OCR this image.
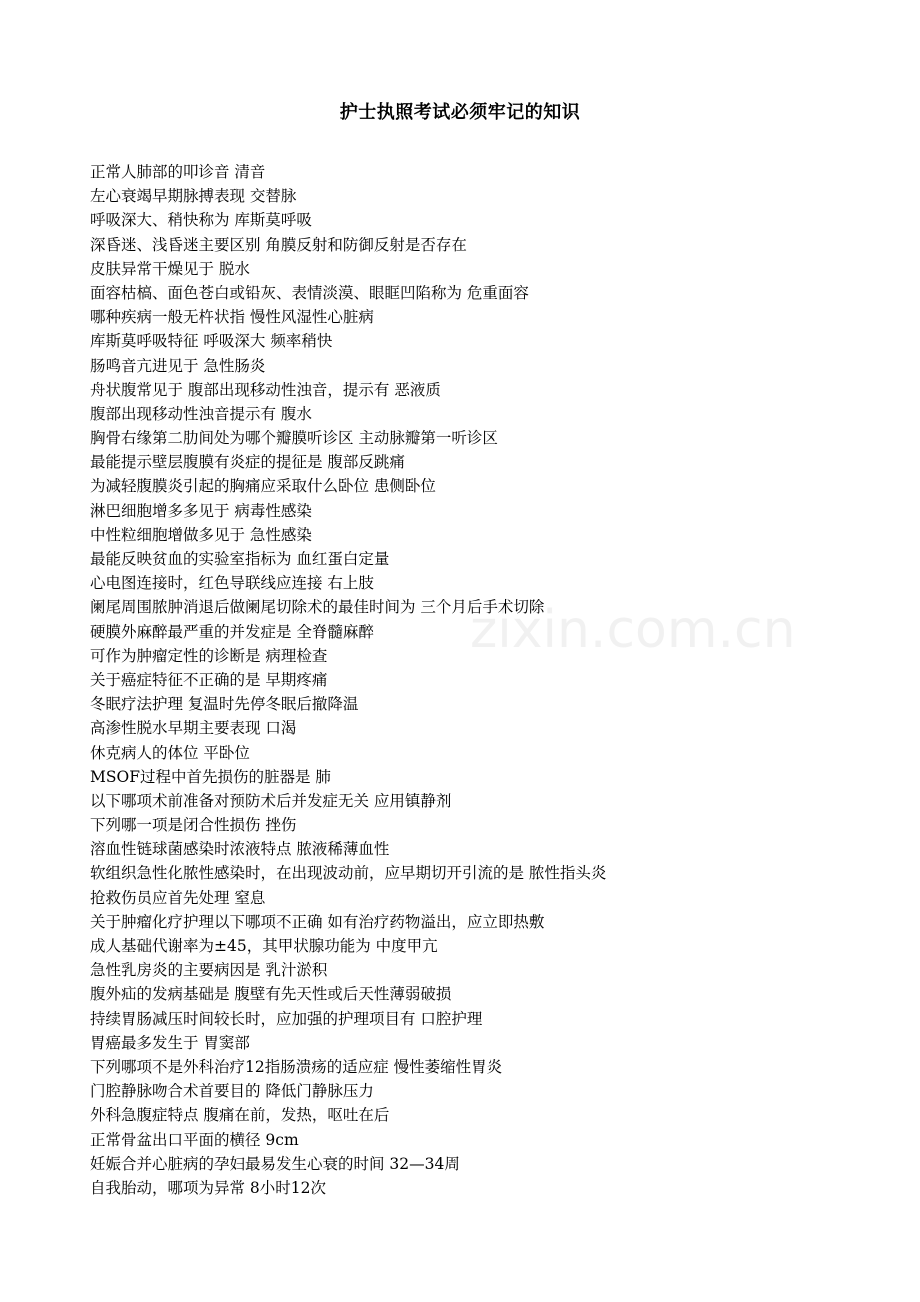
zixin.com.cn
护士执照考试必须牢记的知识
正常人肺部的叩诊音 清音
左心衰竭早期脉搏表现 交替脉
呼吸深大、稍快称为 库斯莫呼吸
深昏迷、浅昏迷主要区别 角膜反射和防御反射是否存在
皮肤异常干燥见于 脱水
面容枯槁、面色苍白或铅灰、表情淡漠、眼眶凹陷称为 危重面容
哪种疾病一般无杵状指 慢性风湿性心脏病
库斯莫呼吸特征 呼吸深大 频率稍快
肠鸣音亢进见于 急性肠炎
舟状腹常见于 腹部出现移动性浊音，提示有 恶液质
腹部出现移动性浊音提示有 腹水
胸骨右缘第二肋间处为哪个瓣膜听诊区 主动脉瓣第一听诊区
最能提示壁层腹膜有炎症的提征是 腹部反跳痛
为减轻腹膜炎引起的胸痛应采取什么卧位 患侧卧位
淋巴细胞增多多见于 病毒性感染
中性粒细胞增做多见于 急性感染
最能反映贫血的实验室指标为 血红蛋白定量
心电图连接时，红色导联线应连接 右上肢
阑尾周围脓肿消退后做阑尾切除术的最佳时间为 三个月后手术切除
硬膜外麻醉最严重的并发症是 全脊髓麻醉
可作为肿瘤定性的诊断是 病理检查
关于癌症特征不正确的是 早期疼痛
冬眠疗法护理 复温时先停冬眠后撤降温
高渗性脱水早期主要表现 口渴
休克病人的体位 平卧位
MSOF过程中首先损伤的脏器是 肺
以下哪项术前准备对预防术后并发症无关 应用镇静剂
下列哪一项是闭合性损伤 挫伤
溶血性链球菌感染时浓液特点 脓液稀薄血性
软组织急性化脓性感染时，在出现波动前，应早期切开引流的是 脓性指头炎
抢救伤员应首先处理 窒息
关于肿瘤化疗护理以下哪项不正确 如有治疗药物溢出，应立即热敷
成人基础代谢率为±45，其甲状腺功能为 中度甲亢
急性乳房炎的主要病因是 乳汁淤积
腹外疝的发病基础是 腹壁有先天性或后天性薄弱破损
持续胃肠减压时间较长时，应加强的护理项目有 口腔护理
胃癌最多发生于 胃窦部
下列哪项不是外科治疗12指肠溃疡的适应症 慢性萎缩性胃炎
门腔静脉吻合术首要目的 降低门静脉压力
外科急腹症特点 腹痛在前，发热，呕吐在后
正常骨盆出口平面的横径 9cm
妊娠合并心脏病的孕妇最易发生心衰的时间 32—34周
自我胎动，哪项为异常 8小时12次
